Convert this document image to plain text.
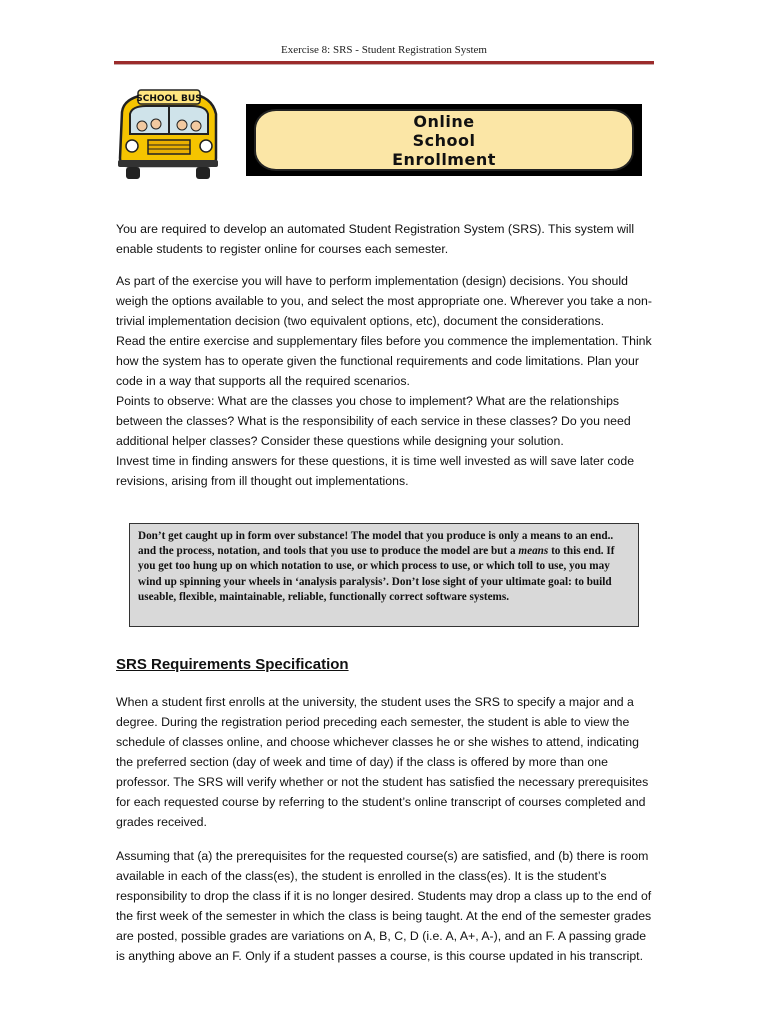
Exercise 8: SRS - Student Registration System
SCHOOL BUS
Online
School
Enrollment
You are required to develop an automated Student Registration System (SRS). This system will enable students to register online for courses each semester.
As part of the exercise you will have to perform implementation (design) decisions. You should weigh the options available to you, and select the most appropriate one. Wherever you take a non-trivial implementation decision (two equivalent options, etc), document the considerations.
Read the entire exercise and supplementary files before you commence the implementation. Think how the system has to operate given the functional requirements and code limitations. Plan your code in a way that supports all the required scenarios.
Points to observe: What are the classes you chose to implement? What are the relationships between the classes? What is the responsibility of each service in these classes? Do you need additional helper classes? Consider these questions while designing your solution.
Invest time in finding answers for these questions, it is time well invested as will save later code revisions, arising from ill thought out implementations.
Don’t get caught up in form over substance! The model that you produce is only a means to an end.. and the process, notation, and tools that you use to produce the model are but a means to this end. If you get too hung up on which notation to use, or which process to use, or which toll to use, you may wind up spinning your wheels in ‘analysis paralysis’. Don’t lose sight of your ultimate goal: to build useable, flexible, maintainable, reliable, functionally correct software systems.
SRS Requirements Specification
When a student first enrolls at the university, the student uses the SRS to specify a major and a degree. During the registration period preceding each semester, the student is able to view the schedule of classes online, and choose whichever classes he or she wishes to attend, indicating the preferred section (day of week and time of day) if the class is offered by more than one professor. The SRS will verify whether or not the student has satisfied the necessary prerequisites for each requested course by referring to the student’s online transcript of courses completed and grades received.
Assuming that (a) the prerequisites for the requested course(s) are satisfied, and (b) there is room available in each of the class(es), the student is enrolled in the class(es). It is the student’s responsibility to drop the class if it is no longer desired. Students may drop a class up to the end of the first week of the semester in which the class is being taught. At the end of the semester grades are posted, possible grades are variations on A, B, C, D (i.e. A, A+, A-), and an F. A passing grade is anything above an F. Only if a student passes a course, is this course updated in his transcript.
